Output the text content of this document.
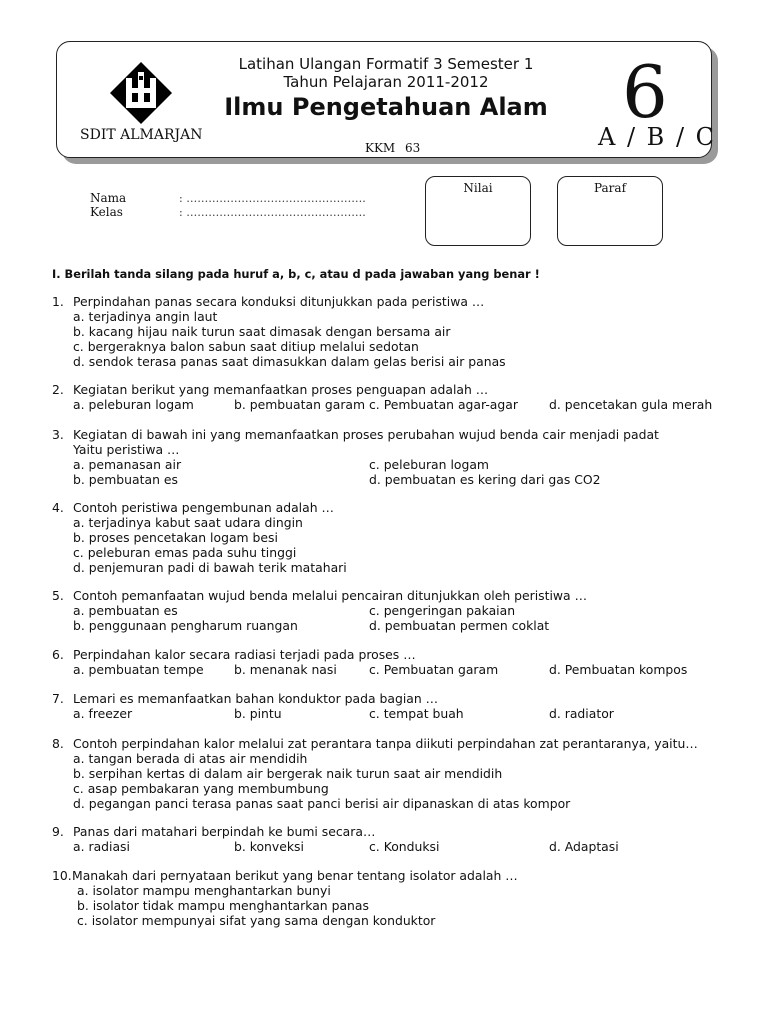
SDIT ALMARJAN
Latihan Ulangan Formatif 3 Semester 1
Tahun Pelajaran 2011-2012
Ilmu Pengetahuan Alam
KKM 63
6
A / B / C
Nama	: ………………………………………….
Kelas	: ………………………………………….
Nilai	Paraf
I. Berilah tanda silang pada huruf a, b, c, atau d pada jawaban yang benar !
1. Perpindahan panas secara konduksi ditunjukkan pada peristiwa …
a. terjadinya angin laut
b. kacang hijau naik turun saat dimasak dengan bersama air
c. bergeraknya balon sabun saat ditiup melalui sedotan
d. sendok terasa panas saat dimasukkan dalam gelas berisi air panas
2. Kegiatan berikut yang memanfaatkan proses penguapan adalah …
a. peleburan logam	b. pembuatan garam c. Pembuatan agar-agar	d. pencetakan gula merah
3. Kegiatan di bawah ini yang memanfaatkan proses perubahan wujud benda cair menjadi padat
Yaitu peristiwa …
a. pemanasan air
b. pembuatan es
c. peleburan logam
d. pembuatan es kering dari gas CO2
4. Contoh peristiwa pengembunan adalah …
a. terjadinya kabut saat udara dingin
b. proses pencetakan logam besi
c. peleburan emas pada suhu tinggi
d. penjemuran padi di bawah terik matahari
5. Contoh pemanfaatan wujud benda melalui pencairan ditunjukkan oleh peristiwa …
a. pembuatan es
b. penggunaan pengharum ruangan
c. pengeringan pakaian
d. pembuatan permen coklat
6. Perpindahan kalor secara radiasi terjadi pada proses …
a. pembuatan tempe b. menanak nasi	c. Pembuatan garam	d. Pembuatan kompos
7. Lemari es memanfaatkan bahan konduktor pada bagian …
a. freezer	b. pintu	c. tempat buah	d. radiator
8. Contoh perpindahan kalor melalui zat perantara tanpa diikuti perpindahan zat perantaranya, yaitu…
a. tangan berada di atas air mendidih
b. serpihan kertas di dalam air bergerak naik turun saat air mendidih
c. asap pembakaran yang membumbung
d. pegangan panci terasa panas saat panci berisi air dipanaskan di atas kompor
9. Panas dari matahari berpindah ke bumi secara…
a. radiasi	b. konveksi	c. Konduksi	d. Adaptasi
10. Manakah dari pernyataan berikut yang benar tentang isolator adalah …
a. isolator mampu menghantarkan bunyi
b. isolator tidak mampu menghantarkan panas
c. isolator mempunyai sifat yang sama dengan konduktor
